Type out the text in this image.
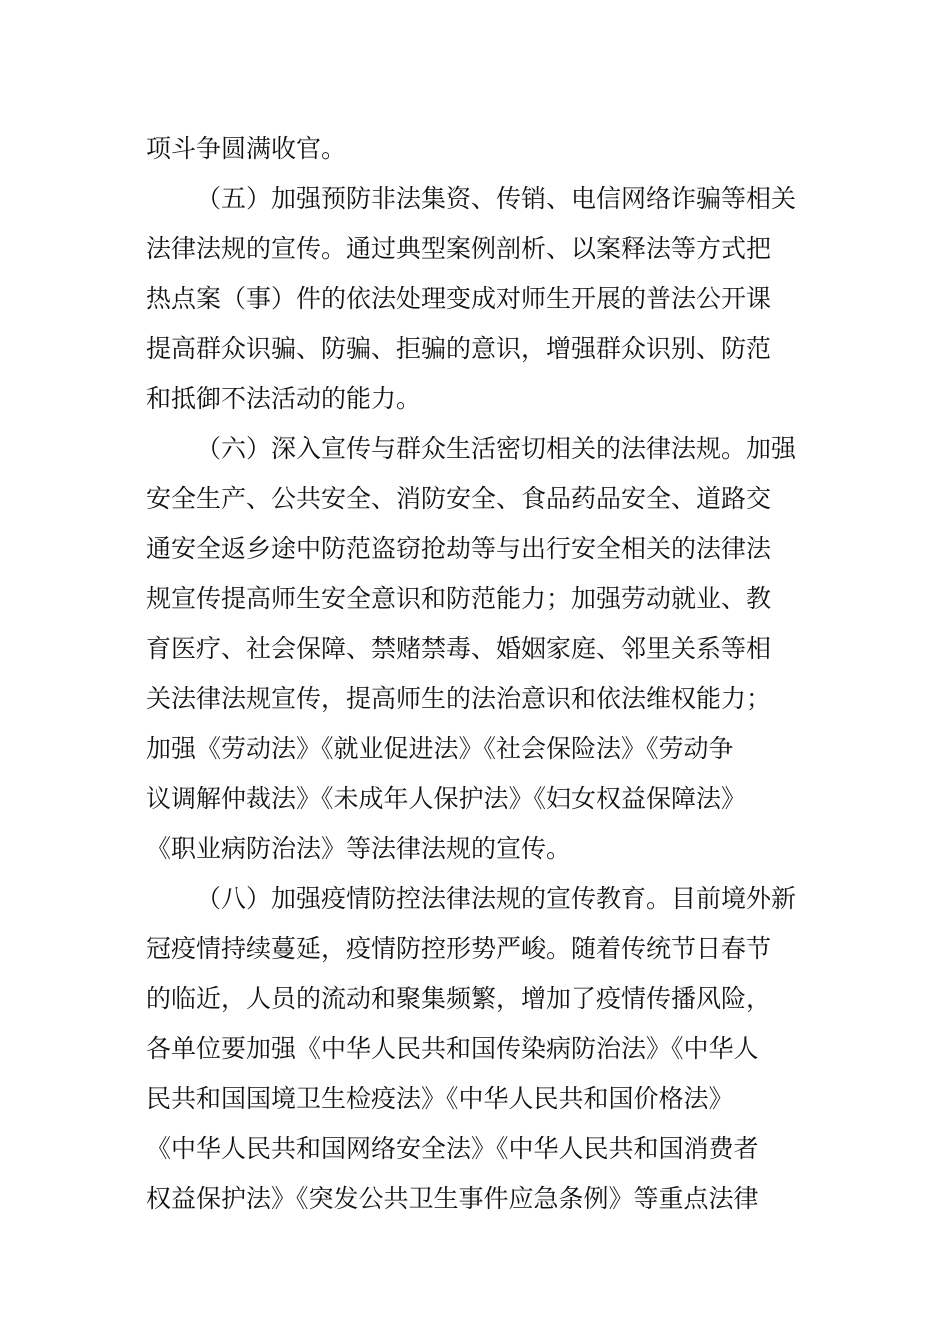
项斗争圆满收官。
（五）加强预防非法集资、传销、电信网络诈骗等相关
法律法规的宣传。通过典型案例剖析、以案释法等方式把
热点案（事）件的依法处理变成对师生开展的普法公开课
提高群众识骗、防骗、拒骗的意识，增强群众识别、防范
和抵御不法活动的能力。
（六）深入宣传与群众生活密切相关的法律法规。加强
安全生产、公共安全、消防安全、食品药品安全、道路交
通安全返乡途中防范盗窃抢劫等与出行安全相关的法律法
规宣传提高师生安全意识和防范能力；加强劳动就业、教
育医疗、社会保障、禁赌禁毒、婚姻家庭、邻里关系等相
关法律法规宣传，提高师生的法治意识和依法维权能力；
加强《劳动法》《就业促进法》《社会保险法》《劳动争
议调解仲裁法》《未成年人保护法》《妇女权益保障法》
《职业病防治法》等法律法规的宣传。
（八）加强疫情防控法律法规的宣传教育。目前境外新
冠疫情持续蔓延，疫情防控形势严峻。随着传统节日春节
的临近，人员的流动和聚集频繁，增加了疫情传播风险，
各单位要加强《中华人民共和国传染病防治法》《中华人
民共和国国境卫生检疫法》《中华人民共和国价格法》
《中华人民共和国网络安全法》《中华人民共和国消费者
权益保护法》《突发公共卫生事件应急条例》等重点法律
